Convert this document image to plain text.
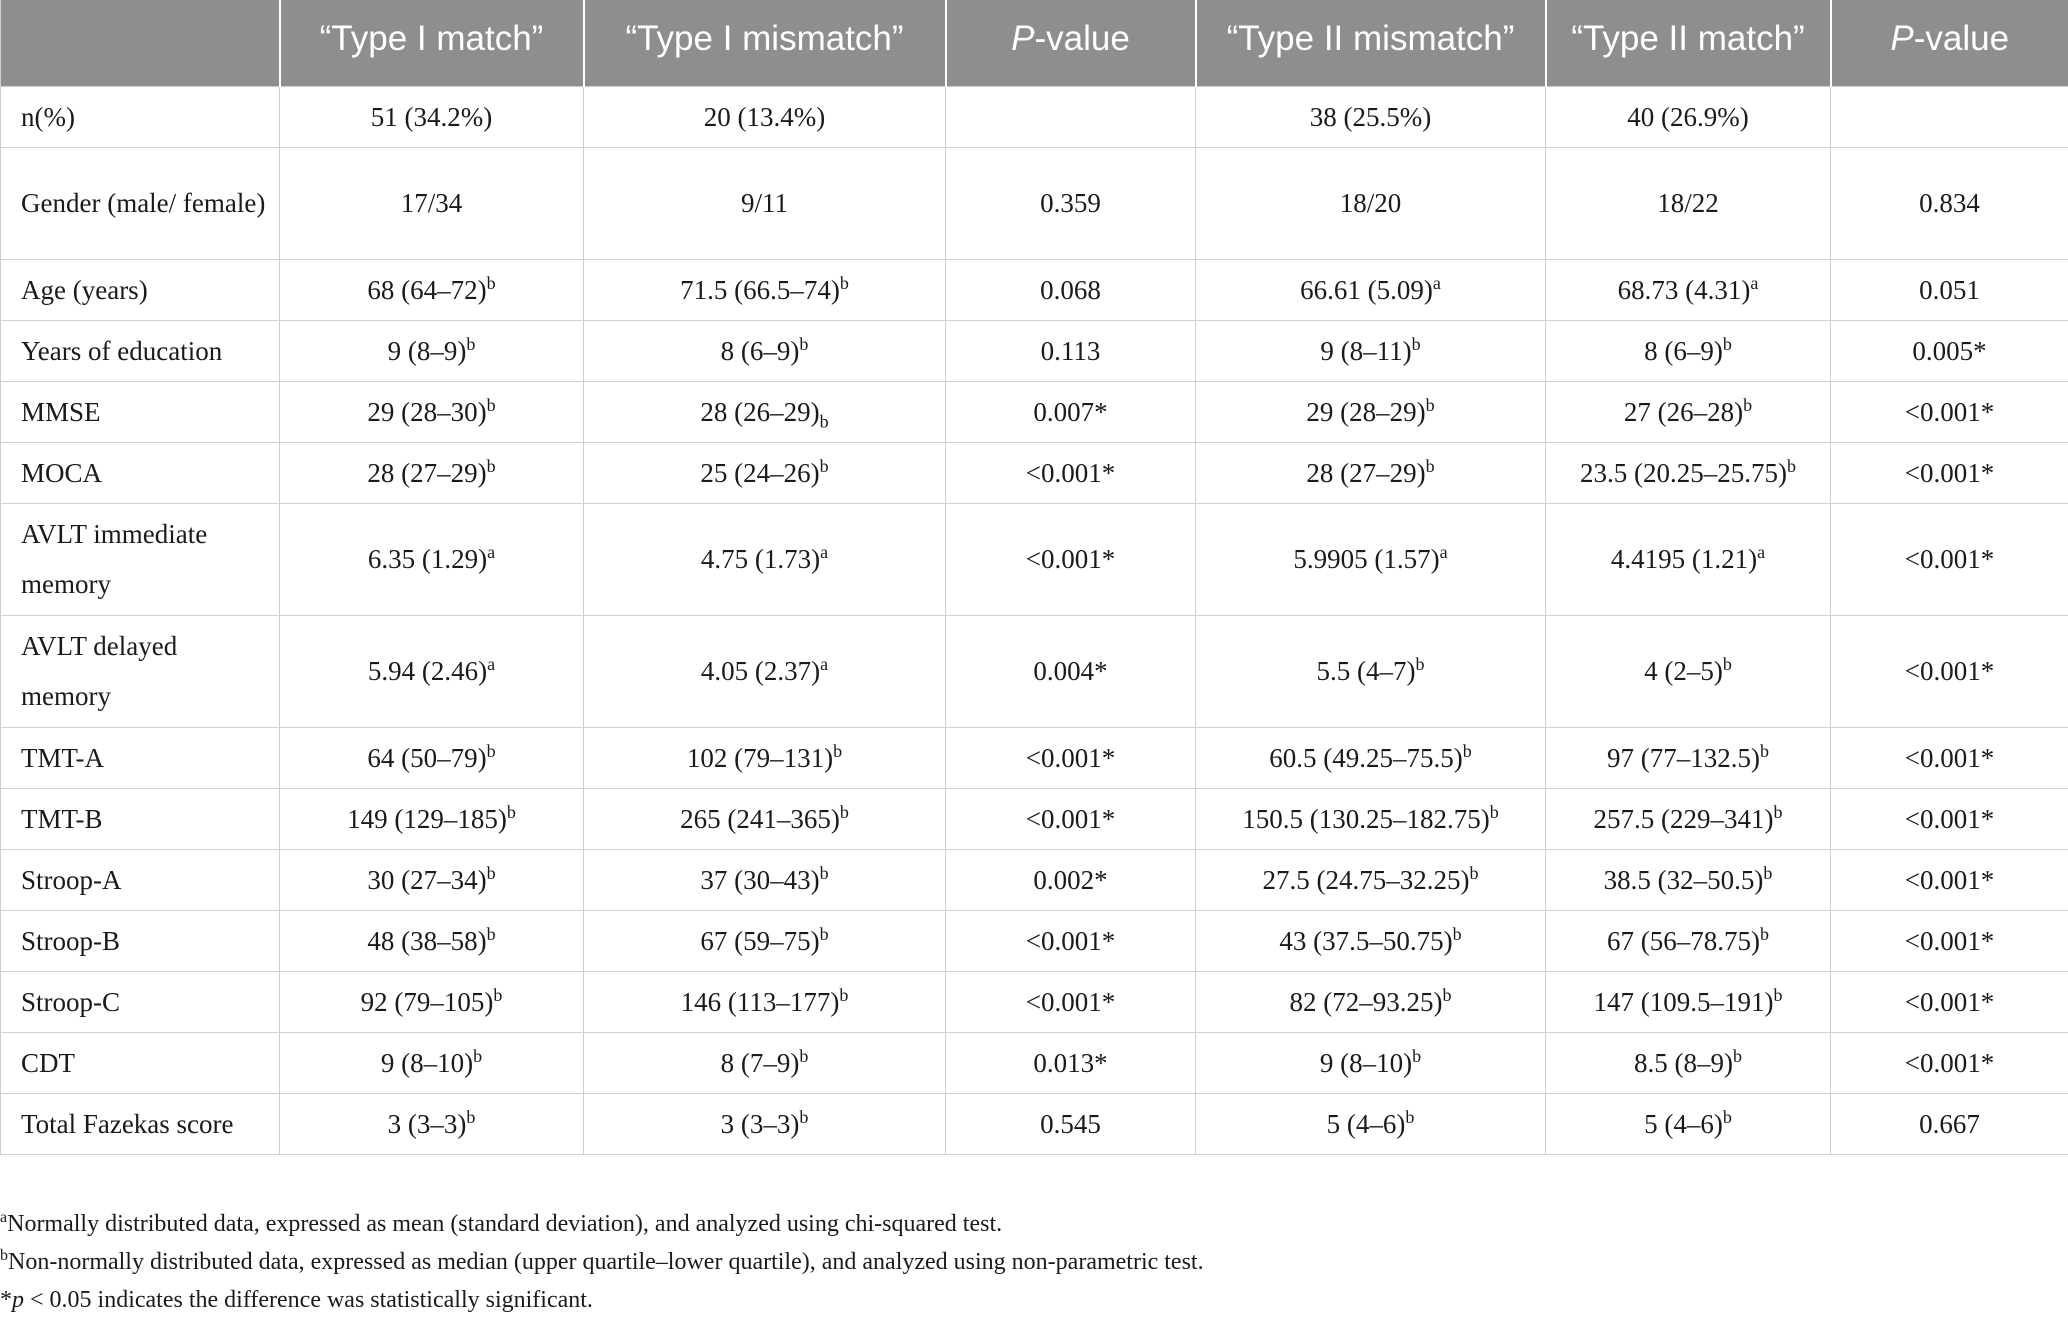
	“Type I match”	“Type I mismatch”	P-value	“Type II mismatch”	“Type II match”	P-value
n(%)	51 (34.2%)	20 (13.4%)		38 (25.5%)	40 (26.9%)	
Gender (male/ female)	17/34	9/11	0.359	18/20	18/22	0.834
Age (years)	68 $(64-72)^b$	71.5 $(66.5-74)^b$	0.068	66.61 $(5.09)^a$	68.73 $(4.31)^a$	0.051
Years of education	9 $(8-9)^b$	8 $(6-9)^b$	0.113	9 $(8-11)^b$	8 $(6-9)^b$	0.005*
MMSE	29 $(28-30)^b$	28 $(26-29)_b$	0.007*	29 $(28-29)^b$	27 $(26-28)^b$	<0.001*
MOCA	28 $(27-29)^b$	25 $(24-26)^b$	<0.001*	28 $(27-29)^b$	23.5 $(20.25-25.75)^b$	<0.001*
AVLT immediate memory	6.35 $(1.29)^a$	4.75 $(1.73)^a$	<0.001*	5.9905 $(1.57)^a$	4.4195 $(1.21)^a$	<0.001*
AVLT delayed memory	5.94 $(2.46)^a$	4.05 $(2.37)^a$	0.004*	5.5 $(4-7)^b$	4 $(2-5)^b$	<0.001*
TMT-A	64 $(50-79)^b$	102 $(79-131)^b$	<0.001*	60.5 $(49.25-75.5)^b$	97 $(77-132.5)^b$	<0.001*
TMT-B	149 $(129-185)^b$	265 $(241-365)^b$	<0.001*	150.5 $(130.25-182.75)^b$	257.5 $(229-341)^b$	<0.001*
Stroop-A	30 $(27-34)^b$	37 $(30-43)^b$	0.002*	27.5 $(24.75-32.25)^b$	38.5 $(32-50.5)^b$	<0.001*
Stroop-B	48 $(38-58)^b$	67 $(59-75)^b$	<0.001*	43 $(37.5-50.75)^b$	67 $(56-78.75)^b$	<0.001*
Stroop-C	92 $(79-105)^b$	146 $(113-177)^b$	<0.001*	82 $(72-93.25)^b$	147 $(109.5-191)^b$	<0.001*
CDT	9 $(8-10)^b$	8 $(7-9)^b$	0.013*	9 $(8-10)^b$	8.5 $(8-9)^b$	<0.001*
Total Fazekas score	3 $(3-3)^b$	3 $(3-3)^b$	0.545	5 $(4-6)^b$	5 $(4-6)^b$	0.667

$^a$Normally distributed data, expressed as mean (standard deviation), and analyzed using chi-squared test.

$^b$Non-normally distributed data, expressed as median (upper quartile–lower quartile), and analyzed using non-parametric test.

*p < 0.05 indicates the difference was statistically significant.
